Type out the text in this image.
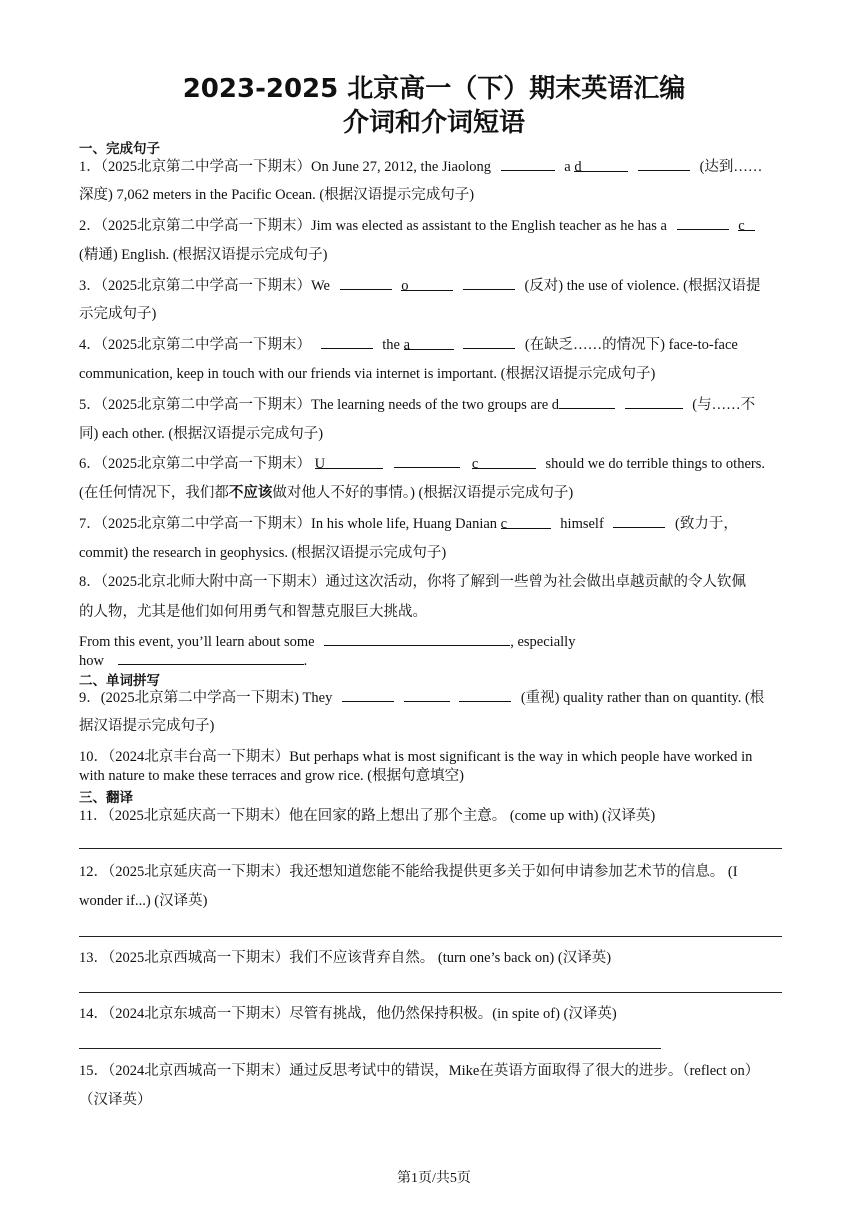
2023-2025 北京高一（下）期末英语汇编
介词和介词短语
一、完成句子
1．（2025北京第二中学高一下期末）On June 27, 2012, the Jiaolong	a d	(达到……
深度) 7,062 meters in the Pacific Ocean. (根据汉语提示完成句子)
2．（2025北京第二中学高一下期末）Jim was elected as assistant to the English teacher as he has a	c
(精通) English. (根据汉语提示完成句子)
3．（2025北京第二中学高一下期末）We	o	(反对) the use of violence. (根据汉语提
示完成句子)
4．（2025北京第二中学高一下期末）	the a	(在缺乏……的情况下) face-to-face
communication, keep in touch with our friends via internet is important. (根据汉语提示完成句子)
5．（2025北京第二中学高一下期末）The learning needs of the two groups are d	(与……不
同) each other. (根据汉语提示完成句子)
6．（2025北京第二中学高一下期末） U	c	should we do terrible things to others.
(在任何情况下，我们都不应该做对他人不好的事情。) (根据汉语提示完成句子)
7．（2025北京第二中学高一下期末）In his whole life, Huang Danian c	himself	(致力于，
commit) the research in geophysics. (根据汉语提示完成句子)
8．（2025北京北师大附中高一下期末）通过这次活动，你将了解到一些曾为社会做出卓越贡献的令人钦佩
的人物，尤其是他们如何用勇气和智慧克服巨大挑战。
From this event, you’ll learn about some	, especially
how	.
二、单词拼写
9．(2025北京第二中学高一下期末) They	(重视) quality rather than on quantity. (根
据汉语提示完成句子)
10．（2024北京丰台高一下期末）But perhaps what is most significant is the way in which people have worked in
with nature to make these terraces and grow rice. (根据句意填空)
三、翻译
11．（2025北京延庆高一下期末）他在回家的路上想出了那个主意。 (come up with) (汉译英)
12．（2025北京延庆高一下期末）我还想知道您能不能给我提供更多关于如何申请参加艺术节的信息。 (I
wonder if...) (汉译英)
13．（2025北京西城高一下期末）我们不应该背弃自然。 (turn one’s back on) (汉译英)
14．（2024北京东城高一下期末）尽管有挑战，他仍然保持积极。(in spite of) (汉译英)
15．（2024北京西城高一下期末）通过反思考试中的错误，Mike在英语方面取得了很大的进步。（reflect on）
（汉译英）
第1页/共5页
